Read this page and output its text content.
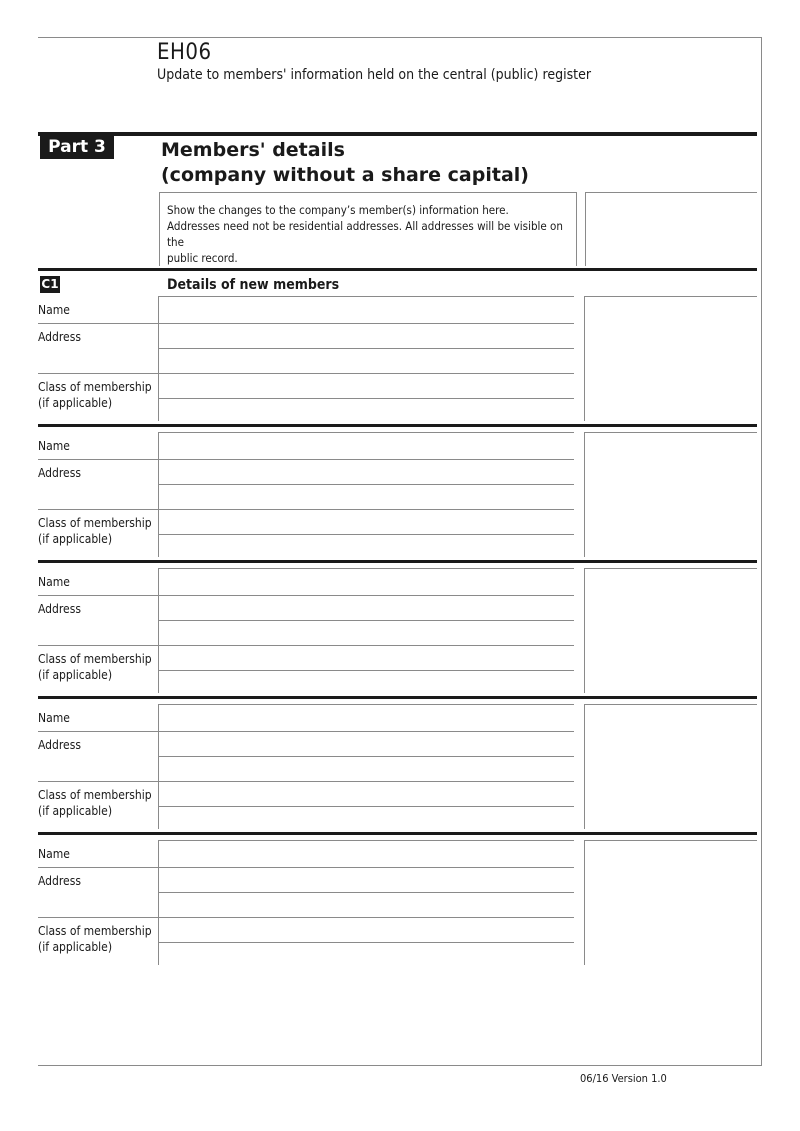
EH06
Update to members' information held on the central (public) register
Part 3	Members' details
(company without a share capital)
Show the changes to the company’s member(s) information here.
Addresses need not be residential addresses. All addresses will be visible on the
public record.
C1	Details of new members
Name
Address
Class of membership
(if applicable)
Name
Address
Class of membership
(if applicable)
Name
Address
Class of membership
(if applicable)
Name
Address
Class of membership
(if applicable)
Name
Address
Class of membership
(if applicable)
06/16 Version 1.0
